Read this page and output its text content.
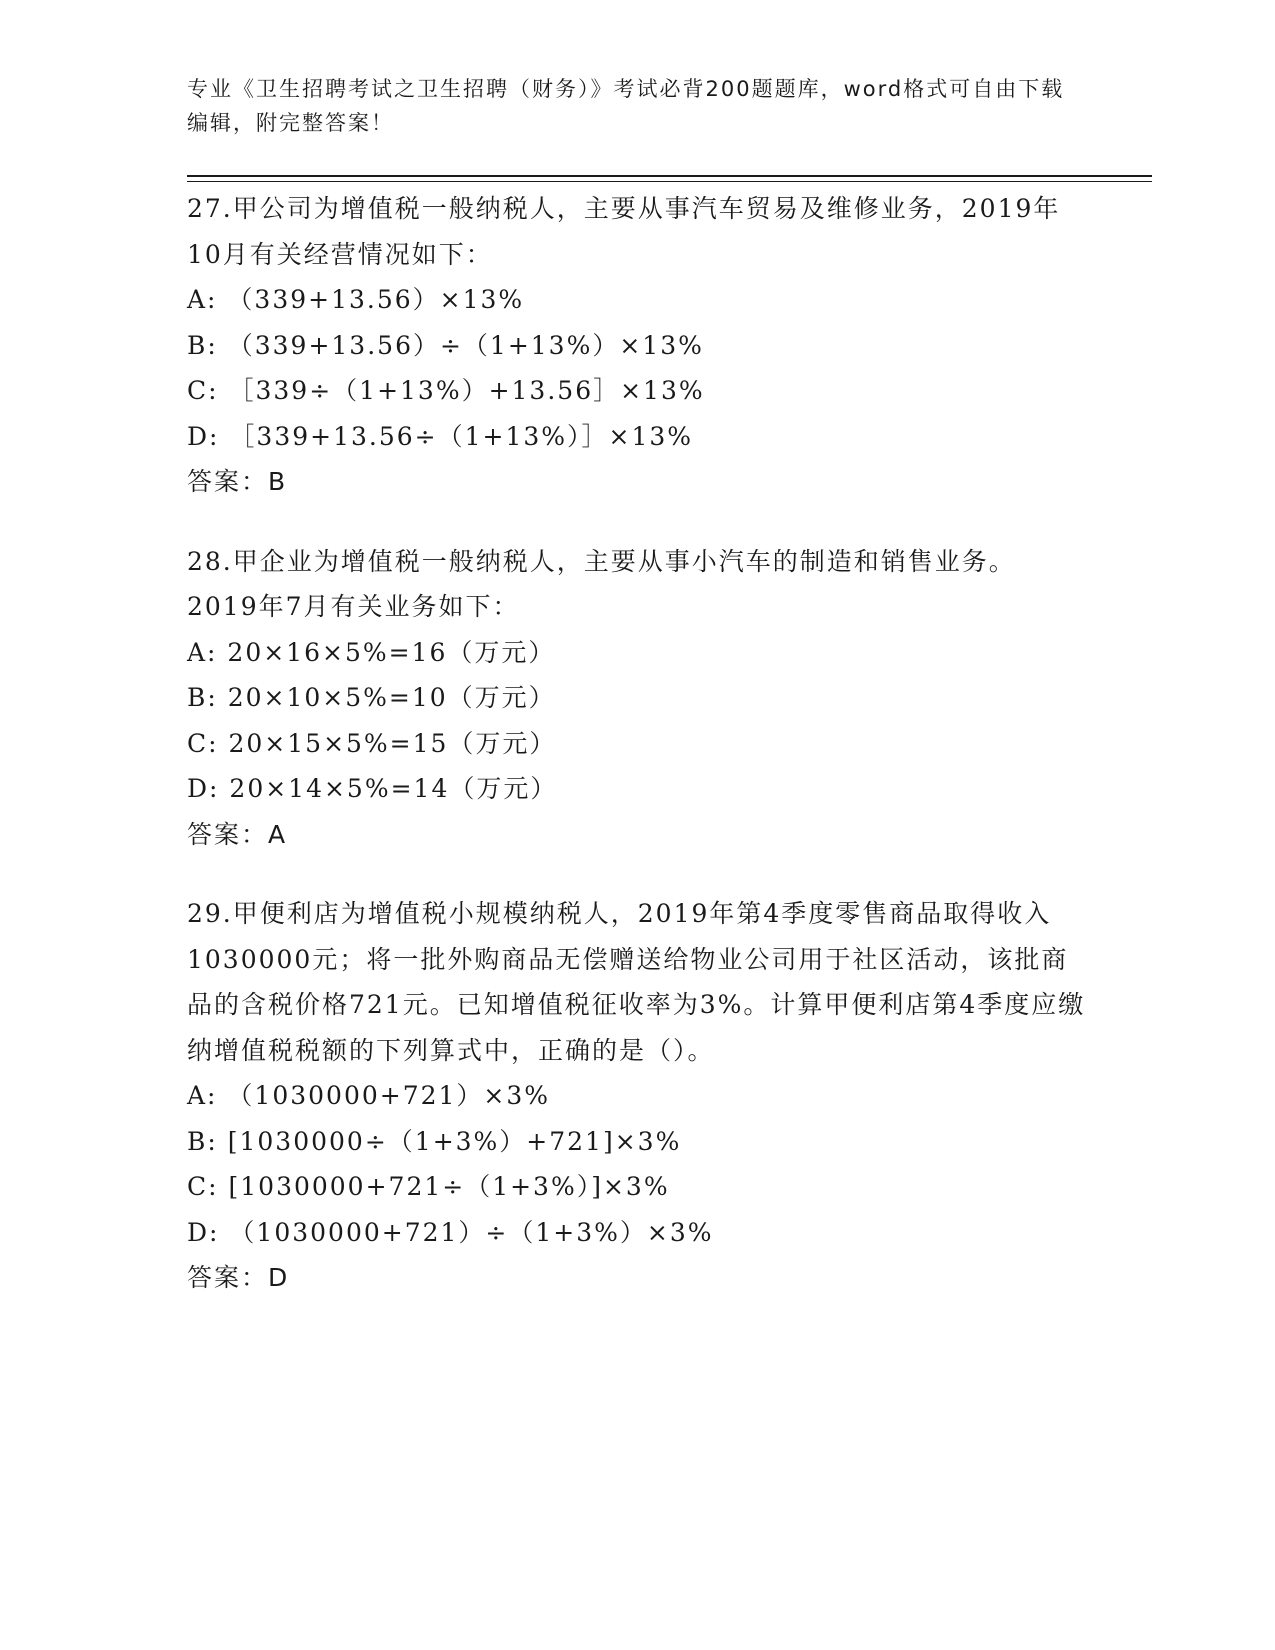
专业《卫生招聘考试之卫生招聘（财务）》考试必背200题题库，word格式可自由下载编辑，附完整答案！
27.甲公司为增值税一般纳税人，主要从事汽车贸易及维修业务，2019年10月有关经营情况如下：
A: （339+13.56）×13%
B: （339+13.56）÷（1+13%）×13%
C: ［339÷（1+13%）+13.56］×13%
D: ［339+13.56÷（1+13%）］×13%
答案：B
28.甲企业为增值税一般纳税人，主要从事小汽车的制造和销售业务。2019年7月有关业务如下：
A: 20×16×5%=16（万元）
B: 20×10×5%=10（万元）
C: 20×15×5%=15（万元）
D: 20×14×5%=14（万元）
答案：A
29.甲便利店为增值税小规模纳税人，2019年第4季度零售商品取得收入1030000元；将一批外购商品无偿赠送给物业公司用于社区活动，该批商品的含税价格721元。已知增值税征收率为3%。计算甲便利店第4季度应缴纳增值税税额的下列算式中，正确的是（）。
A: （1030000+721）×3%
B: [1030000÷（1+3%）+721]×3%
C: [1030000+721÷（1+3%）]×3%
D: （1030000+721）÷（1+3%）×3%
答案：D
